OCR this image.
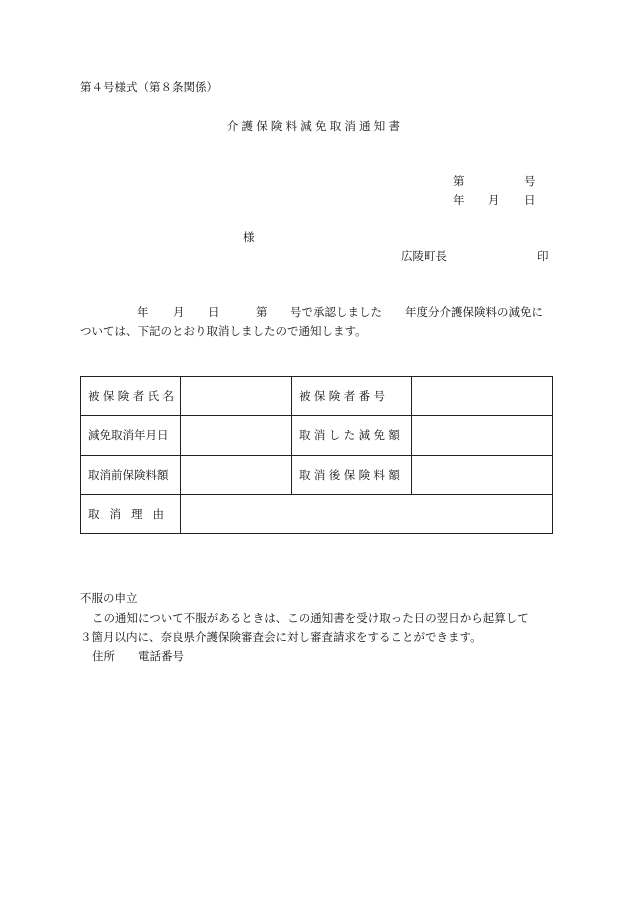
第４号様式（第８条関係）
介護保険料減免取消通知書
第	号
年 月 日
様
広陵町長	印
年 月 日	第 号で承認しました 年度分介護保険料の減免に
ついては、下記のとおり取消しましたので通知します。
被保険者氏名		被保険者番号	
減免取消年月日		取消した減免額	
取消前保険料額		取消後保険料額	
取消理由			
不服の申立
この通知について不服があるときは、この通知書を受け取った日の翌日から起算して
３箇月以内に、奈良県介護保険審査会に対し審査請求をすることができます。
住所　　電話番号
